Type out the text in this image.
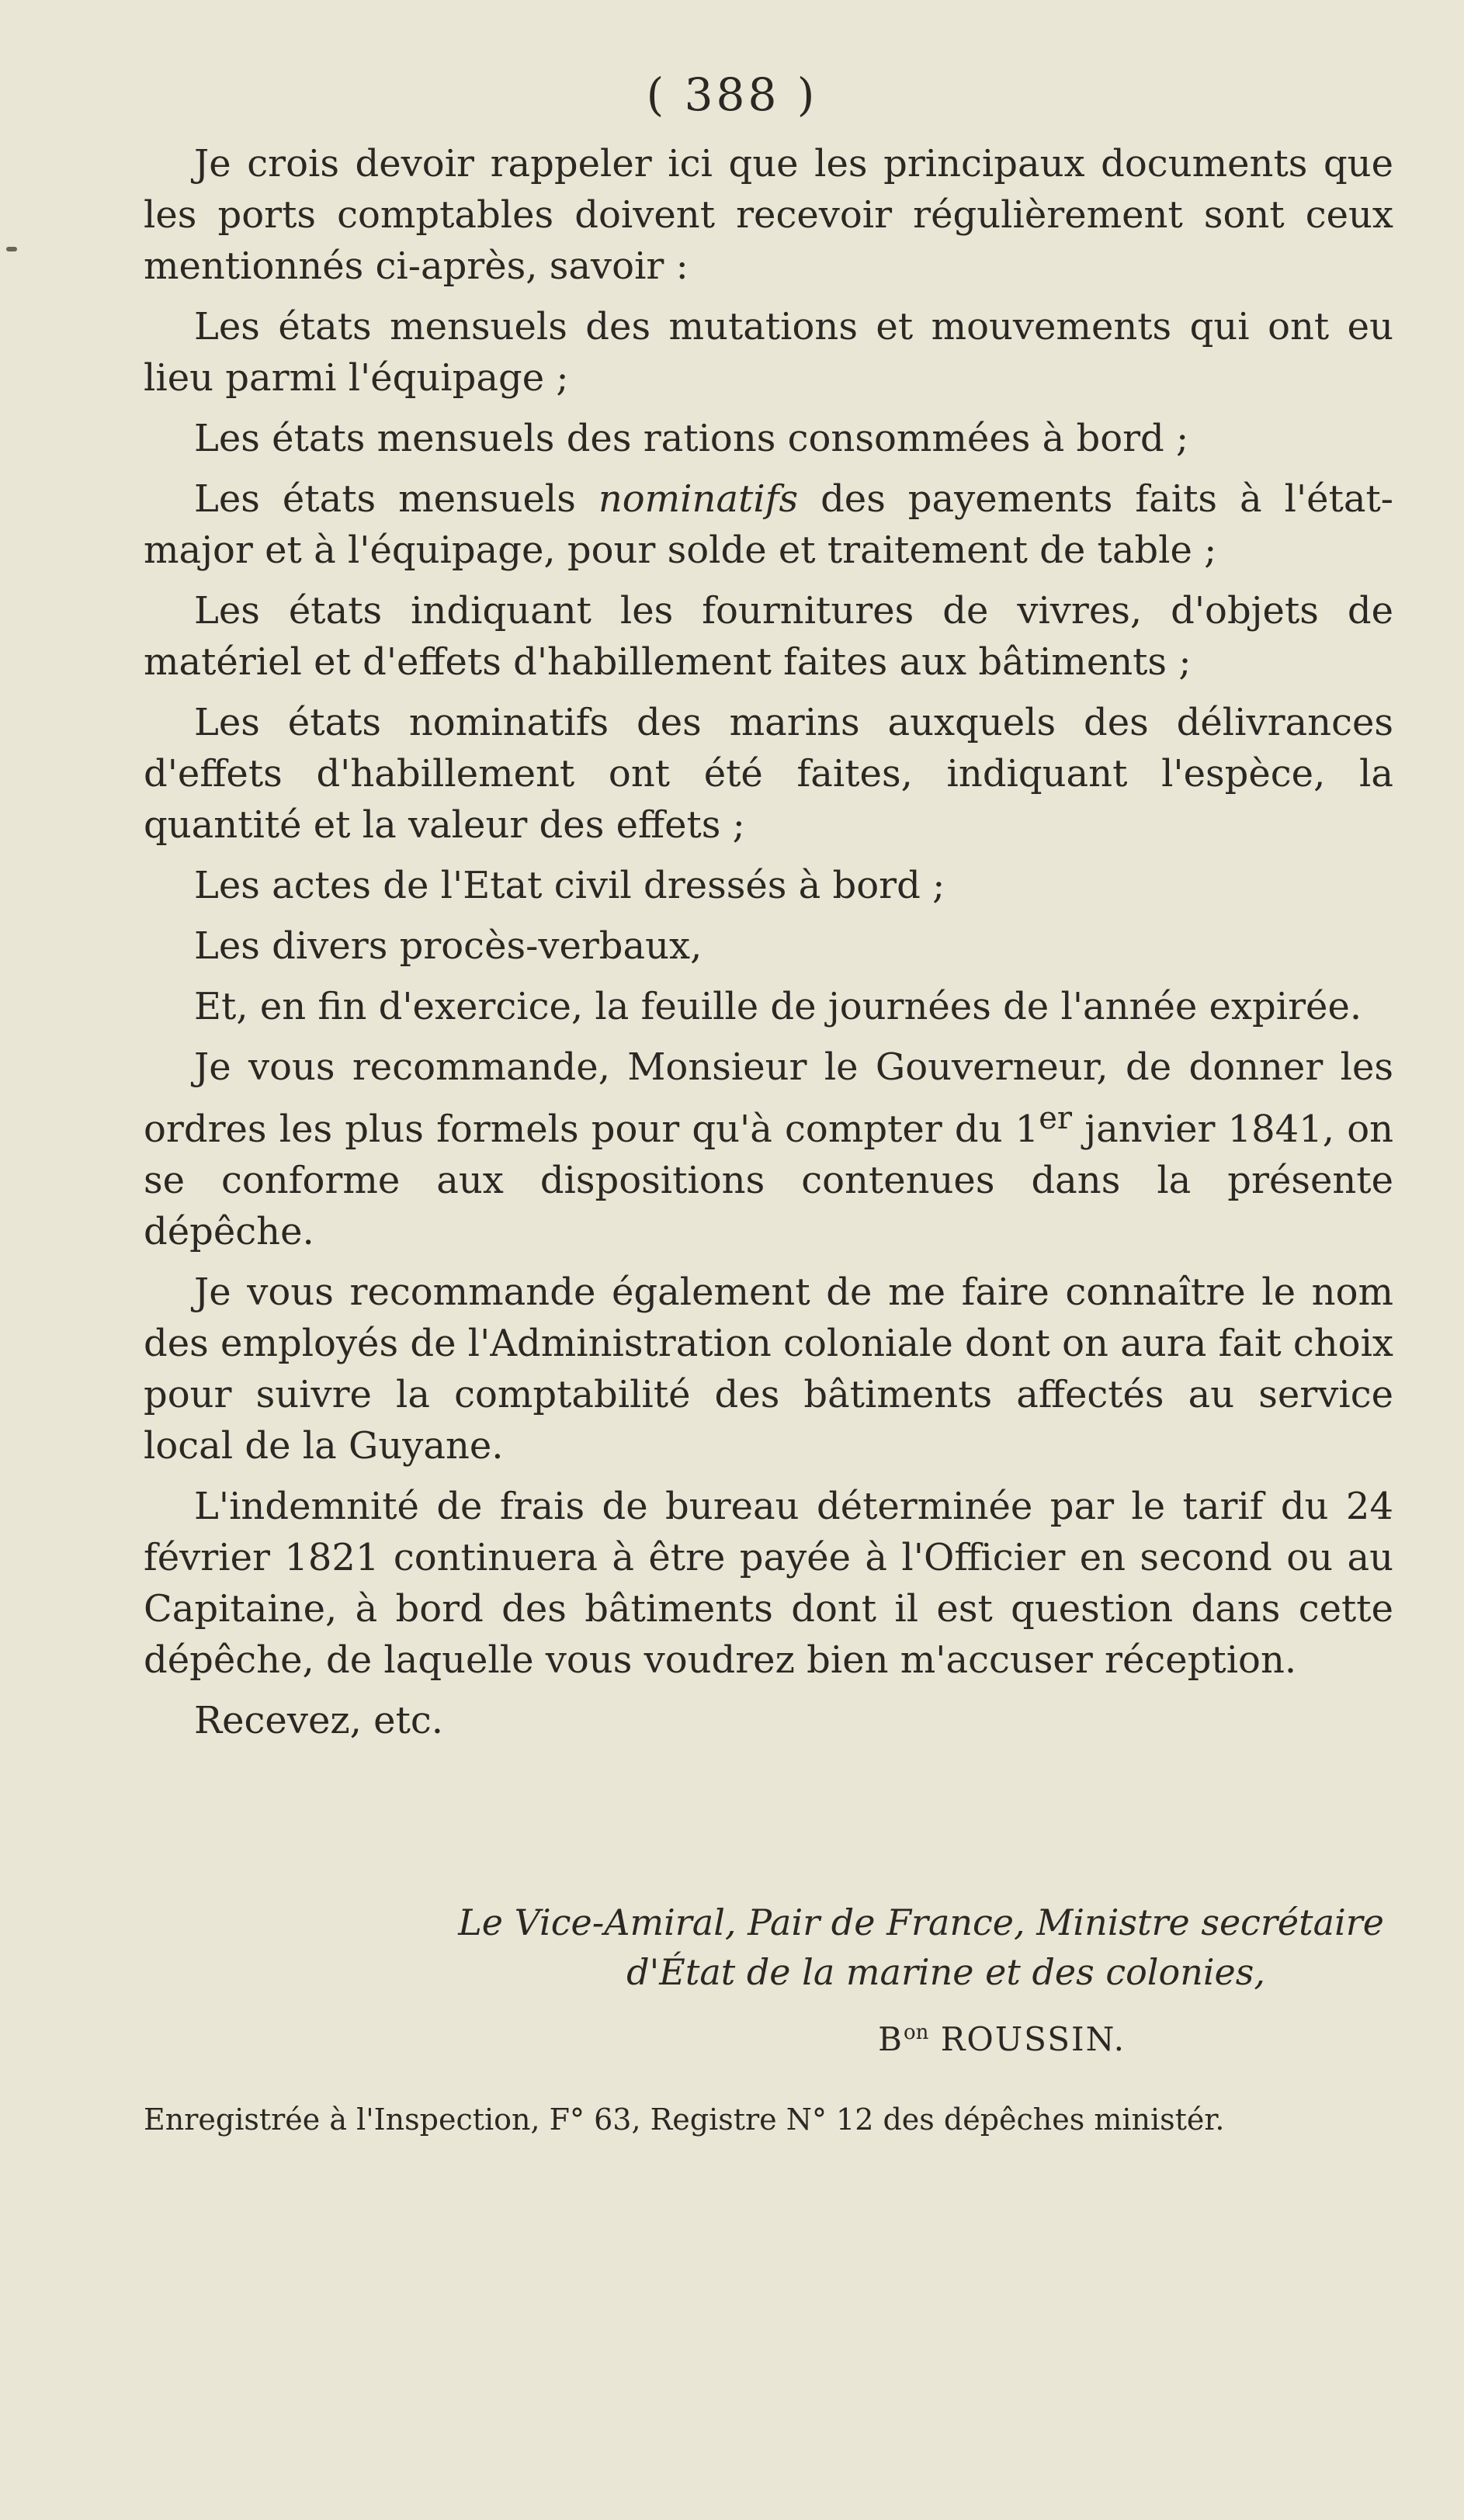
( 388 )

Je crois devoir rappeler ici que les principaux documents que les ports comptables doivent recevoir régulièrement sont ceux mentionnés ci-après, savoir :

Les états mensuels des mutations et mouvements qui ont eu lieu parmi l'équipage ;

Les états mensuels des rations consommées à bord ;

Les états mensuels nominatifs des payements faits à l'état-major et à l'équipage, pour solde et traitement de table ;

Les états indiquant les fournitures de vivres, d'objets de matériel et d'effets d'habillement faites aux bâtiments ;

Les états nominatifs des marins auxquels des délivrances d'effets d'habillement ont été faites, indiquant l'espèce, la quantité et la valeur des effets ;

Les actes de l'Etat civil dressés à bord ;

Les divers procès-verbaux,

Et, en fin d'exercice, la feuille de journées de l'année expirée.

Je vous recommande, Monsieur le Gouverneur, de donner les ordres les plus formels pour qu'à compter du 1er janvier 1841, on se conforme aux dispositions contenues dans la présente dépêche.

Je vous recommande également de me faire connaître le nom des employés de l'Administration coloniale dont on aura fait choix pour suivre la comptabilité des bâtiments affectés au service local de la Guyane.

L'indemnité de frais de bureau déterminée par le tarif du 24 février 1821 continuera à être payée à l'Officier en second ou au Capitaine, à bord des bâtiments dont il est question dans cette dépêche, de laquelle vous voudrez bien m'accuser réception.

Recevez, etc.

Le Vice-Amiral, Pair de France, Ministre secrétaire
d'État de la marine et des colonies,
$B^{on}$ ROUSSIN.
Enregistrée à l'Inspection, F° 63, Registre N° 12 des dépêches ministér.
